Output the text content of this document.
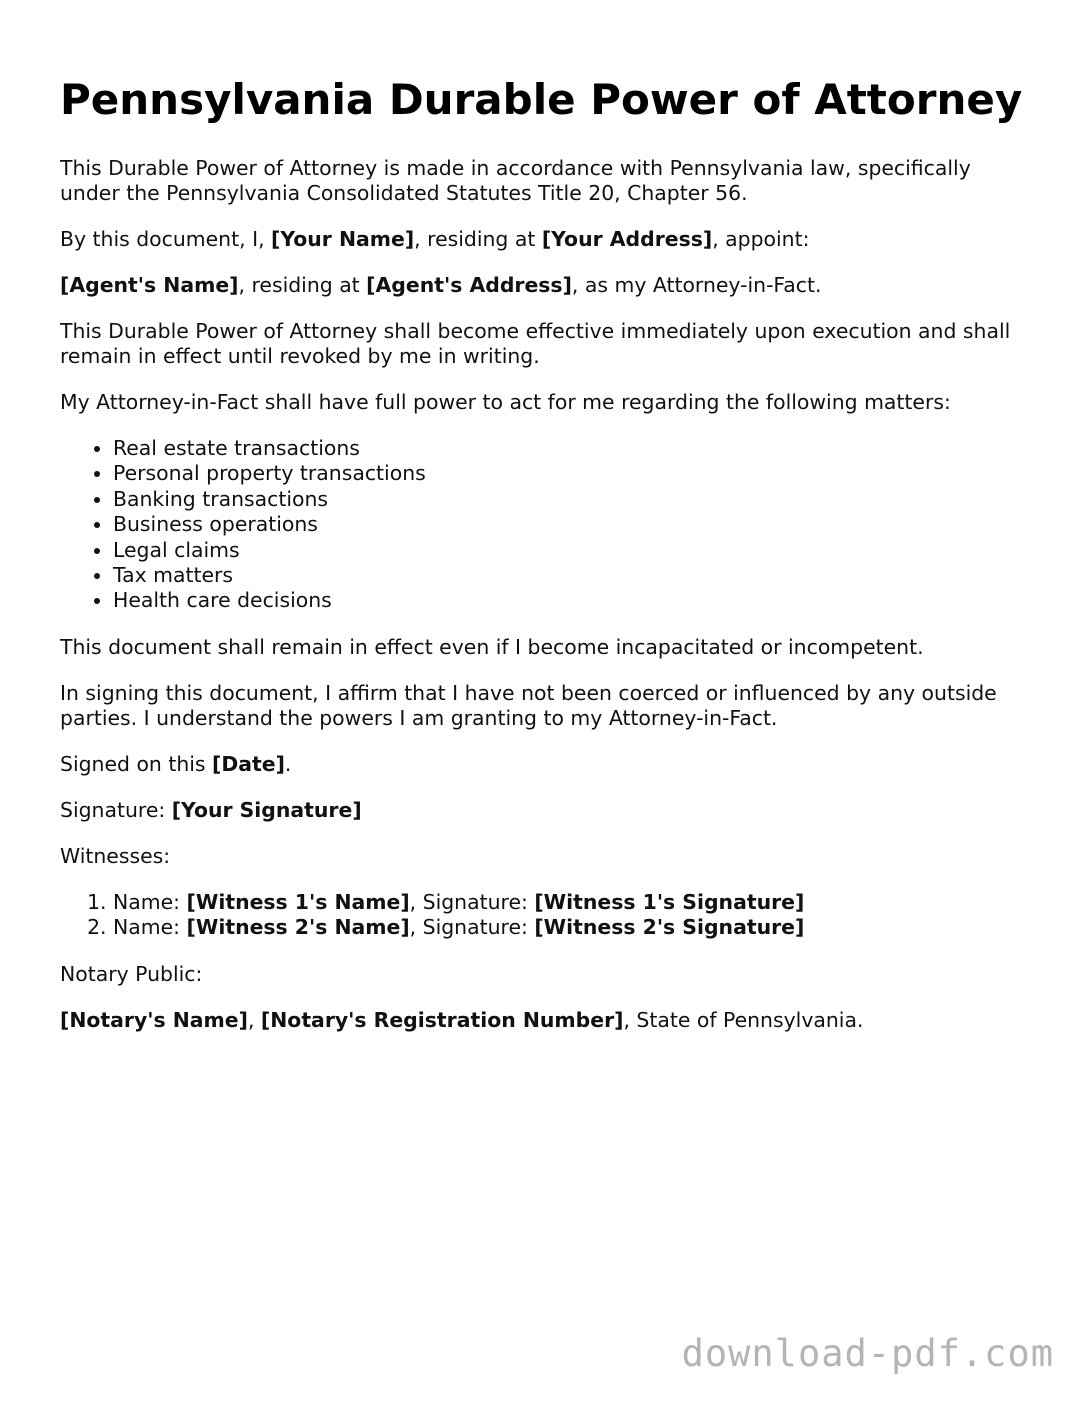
Pennsylvania Durable Power of Attorney

This Durable Power of Attorney is made in accordance with Pennsylvania law, specifically under the Pennsylvania Consolidated Statutes Title 20, Chapter 56.

By this document, I, [Your Name], residing at [Your Address], appoint:

[Agent's Name], residing at [Agent's Address], as my Attorney-in-Fact.

This Durable Power of Attorney shall become effective immediately upon execution and shall remain in effect until revoked by me in writing.

My Attorney-in-Fact shall have full power to act for me regarding the following matters:

• Real estate transactions
• Personal property transactions
• Banking transactions
• Business operations
• Legal claims
• Tax matters
• Health care decisions

This document shall remain in effect even if I become incapacitated or incompetent.

In signing this document, I affirm that I have not been coerced or influenced by any outside parties. I understand the powers I am granting to my Attorney-in-Fact.

Signed on this [Date].

Signature: [Your Signature]

Witnesses:

1. Name: [Witness 1's Name], Signature: [Witness 1's Signature]
2. Name: [Witness 2's Name], Signature: [Witness 2's Signature]

Notary Public:

[Notary's Name], [Notary's Registration Number], State of Pennsylvania.

download-pdf.com
